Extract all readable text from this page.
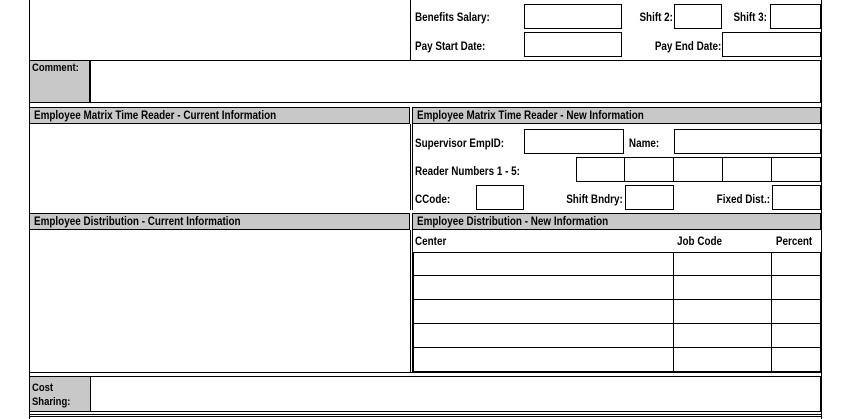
Benefits Salary:	Shift 2:	Shift 3:
Pay Start Date:	Pay End Date:
Comment:
Employee Matrix Time Reader - Current Information	Employee Matrix Time Reader - New Information
Supervisor EmpID:	Name:
Reader Numbers 1 - 5:
CCode:	Shift Bndry:	Fixed Dist.:
Employee Distribution - Current Information	Employee Distribution - New Information
Center	Job Code	Percent
Cost
Sharing:
